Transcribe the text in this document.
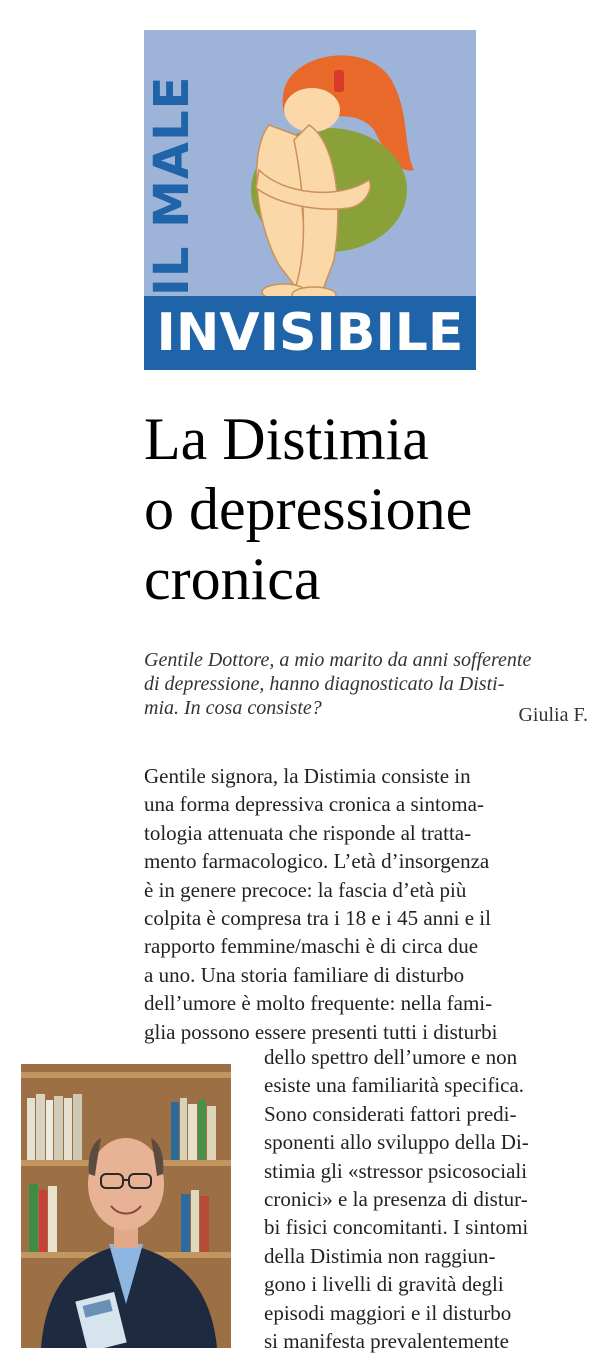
IL MALE
INVISIBILE
La Distimia
o depressione
cronica
Gentile Dottore, a mio marito da anni sofferente
di depressione, hanno diagnosticato la Disti-
mia. In cosa consiste?	Giulia F.
Gentile signora, la Distimia consiste in
una forma depressiva cronica a sintoma-
tologia attenuata che risponde al tratta-
mento farmacologico. L’età d’insorgenza
è in genere precoce: la fascia d’età più
colpita è compresa tra i 18 e i 45 anni e il
rapporto femmine/maschi è di circa due
a uno. Una storia familiare di disturbo
dell’umore è molto frequente: nella fami-
glia possono essere presenti tutti i disturbi
dello spettro dell’umore e non
esiste una familiarità specifica.
Sono considerati fattori predi-
sponenti allo sviluppo della Di-
stimia gli «stressor psicosociali
cronici» e la presenza di distur-
bi fisici concomitanti. I sintomi
della Distimia non raggiun-
gono i livelli di gravità degli
episodi maggiori e il disturbo
si manifesta prevalentemente
